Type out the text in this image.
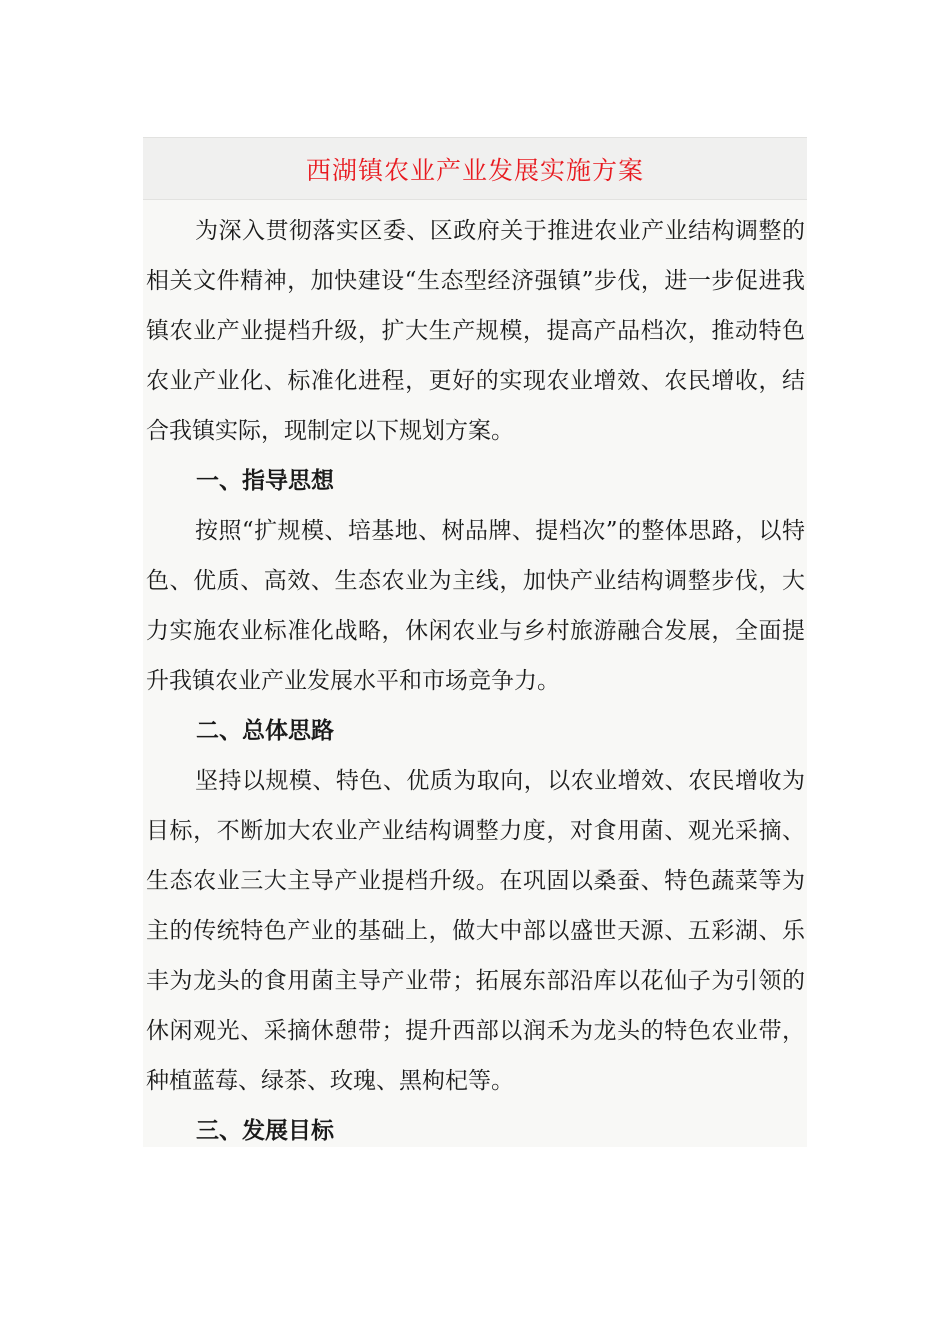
西湖镇农业产业发展实施方案

为深入贯彻落实区委、区政府关于推进农业产业结构调整的相关文件精神，加快建设“生态型经济强镇”步伐，进一步促进我镇农业产业提档升级，扩大生产规模，提高产品档次，推动特色农业产业化、标准化进程，更好的实现农业增效、农民增收，结合我镇实际，现制定以下规划方案。

一、指导思想

按照“扩规模、培基地、树品牌、提档次”的整体思路，以特色、优质、高效、生态农业为主线，加快产业结构调整步伐，大力实施农业标准化战略，休闲农业与乡村旅游融合发展，全面提升我镇农业产业发展水平和市场竞争力。

二、总体思路

坚持以规模、特色、优质为取向，以农业增效、农民增收为目标，不断加大农业产业结构调整力度，对食用菌、观光采摘、生态农业三大主导产业提档升级。在巩固以桑蚕、特色蔬菜等为主的传统特色产业的基础上，做大中部以盛世天源、五彩湖、乐丰为龙头的食用菌主导产业带；拓展东部沿库以花仙子为引领的休闲观光、采摘休憩带；提升西部以润禾为龙头的特色农业带，种植蓝莓、绿茶、玫瑰、黑枸杞等。

三、发展目标
